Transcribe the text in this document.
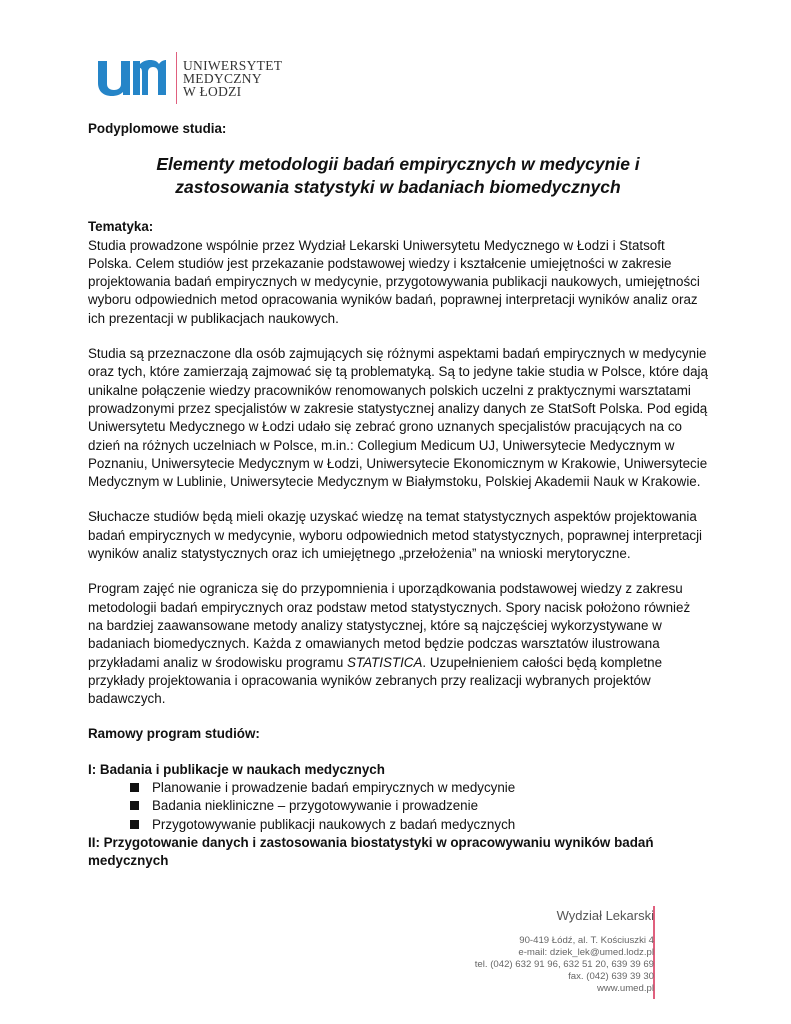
UNIWERSYTET
MEDYCZNY
W ŁODZI

Podyplomowe studia:

Elementy metodologii badań empirycznych w medycynie i
zastosowania statystyki w badaniach biomedycznych

Tematyka:

Studia prowadzone wspólnie przez Wydział Lekarski Uniwersytetu Medycznego w Łodzi i Statsoft Polska. Celem studiów jest przekazanie podstawowej wiedzy i kształcenie umiejętności w zakresie projektowania badań empirycznych w medycynie, przygotowywania publikacji naukowych, umiejętności wyboru odpowiednich metod opracowania wyników badań, poprawnej interpretacji wyników analiz oraz ich prezentacji w publikacjach naukowych.

Studia są przeznaczone dla osób zajmujących się różnymi aspektami badań empirycznych w medycynie oraz tych, które zamierzają zajmować się tą problematyką. Są to jedyne takie studia w Polsce, które dają unikalne połączenie wiedzy pracowników renomowanych polskich uczelni z praktycznymi warsztatami prowadzonymi przez specjalistów w zakresie statystycznej analizy danych ze StatSoft Polska. Pod egidą Uniwersytetu Medycznego w Łodzi udało się zebrać grono uznanych specjalistów pracujących na co dzień na różnych uczelniach w Polsce, m.in.: Collegium Medicum UJ, Uniwersytecie Medycznym w Poznaniu, Uniwersytecie Medycznym w Łodzi, Uniwersytecie Ekonomicznym w Krakowie, Uniwersytecie Medycznym w Lublinie, Uniwersytecie Medycznym w Białymstoku, Polskiej Akademii Nauk w Krakowie.

Słuchacze studiów będą mieli okazję uzyskać wiedzę na temat statystycznych aspektów projektowania badań empirycznych w medycynie, wyboru odpowiednich metod statystycznych, poprawnej interpretacji wyników analiz statystycznych oraz ich umiejętnego „przełożenia” na wnioski merytoryczne.

Program zajęć nie ogranicza się do przypomnienia i uporządkowania podstawowej wiedzy z zakresu metodologii badań empirycznych oraz podstaw metod statystycznych. Spory nacisk położono również na bardziej zaawansowane metody analizy statystycznej, które są najczęściej wykorzystywane w badaniach biomedycznych. Każda z omawianych metod będzie podczas warsztatów ilustrowana przykładami analiz w środowisku programu STATISTICA. Uzupełnieniem całości będą kompletne przykłady projektowania i opracowania wyników zebranych przy realizacji wybranych projektów badawczych.

Ramowy program studiów:

I: Badania i publikacje w naukach medycznych

Planowanie i prowadzenie badań empirycznych w medycynie
Badania niekliniczne – przygotowywanie i prowadzenie
Przygotowywanie publikacji naukowych z badań medycznych

II: Przygotowanie danych i zastosowania biostatystyki w opracowywaniu wyników badań medycznych

Wydział Lekarski
90-419 Łódź, al. T. Kościuszki 4
e-mail: dziek_lek@umed.lodz.pl
tel. (042) 632 91 96, 632 51 20, 639 39 69
fax. (042) 639 39 30
www.umed.pl
